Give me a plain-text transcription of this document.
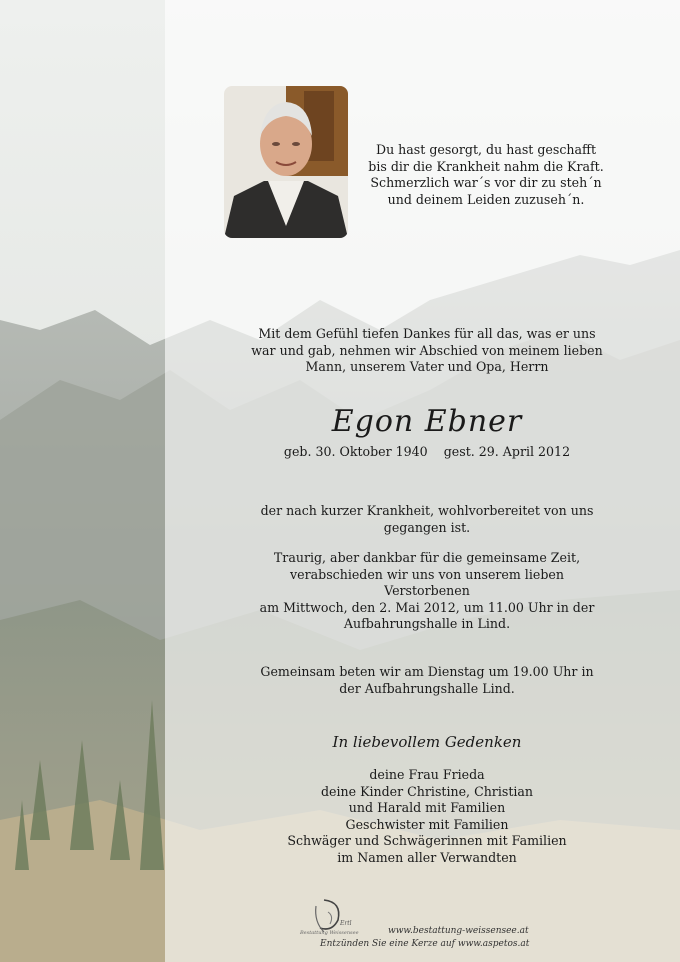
Du hast gesorgt, du hast geschafft
bis dir die Krankheit nahm die Kraft.
Schmerzlich war´s vor dir zu steh´n
und deinem Leiden zuzuseh´n.
Mit dem Gefühl tiefen Dankes für all das, was er uns
war und gab, nehmen wir Abschied von meinem lieben
Mann, unserem Vater und Opa, Herrn
Egon Ebner
geb. 30. Oktober 1940 gest. 29. April 2012
der nach kurzer Krankheit, wohlvorbereitet von uns
gegangen ist.
Traurig, aber dankbar für die gemeinsame Zeit,
verabschieden wir uns von unserem lieben
Verstorbenen
am Mittwoch, den 2. Mai 2012, um 11.00 Uhr in der
Aufbahrungshalle in Lind.
Gemeinsam beten wir am Dienstag um 19.00 Uhr in
der Aufbahrungshalle Lind.
In liebevollem Gedenken
deine Frau Frieda
deine Kinder Christine, Christian
und Harald mit Familien
Geschwister mit Familien
Schwäger und Schwägerinnen mit Familien
im Namen aller Verwandten
Ertl
www.bestattung-weissensee.at
Entzünden Sie eine Kerze auf www.aspetos.at
Bestattung Weissensee
